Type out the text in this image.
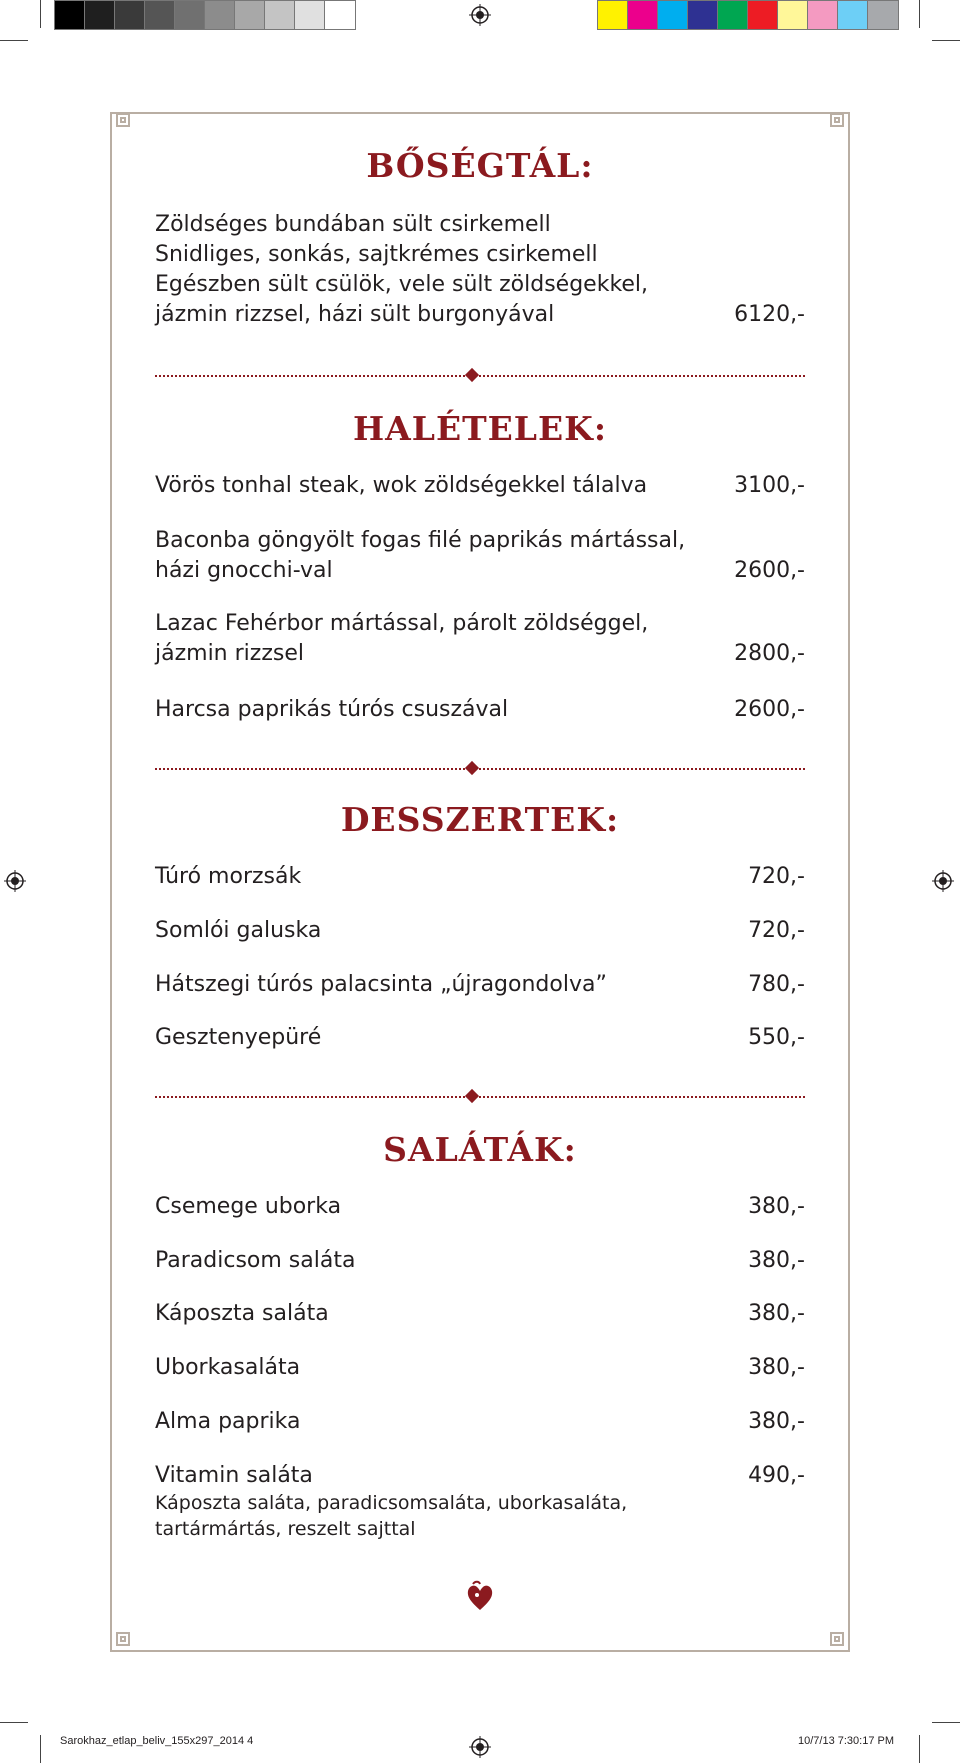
BŐSÉGTÁL:
Zöldséges bundában sült csirkemell
Snidliges, sonkás, sajtkrémes csirkemell
Egészben sült csülök, vele sült zöldségekkel,
jázmin rizzsel, házi sült burgonyával	6120,-
HALÉTELEK:
Vörös tonhal steak, wok zöldségekkel tálalva	3100,-
Baconba göngyölt fogas filé paprikás mártással,
házi gnocchi-val	2600,-
Lazac Fehérbor mártással, párolt zöldséggel,
jázmin rizzsel	2800,-
Harcsa paprikás túrós csuszával	2600,-
DESSZERTEK:
Túró morzsák	720,-
Somlói galuska	720,-
Hátszegi túrós palacsinta „újragondolva”	780,-
Gesztenyepüré	550,-
SALÁTÁK:
Csemege uborka	380,-
Paradicsom saláta	380,-
Káposzta saláta	380,-
Uborkasaláta	380,-
Alma paprika	380,-
Vitamin saláta	490,-
Káposzta saláta, paradicsomsaláta, uborkasaláta,
tartármártás, reszelt sajttal
Sarokhaz_etlap_beliv_155x297_2014 4	10/7/13 7:30:17 PM
